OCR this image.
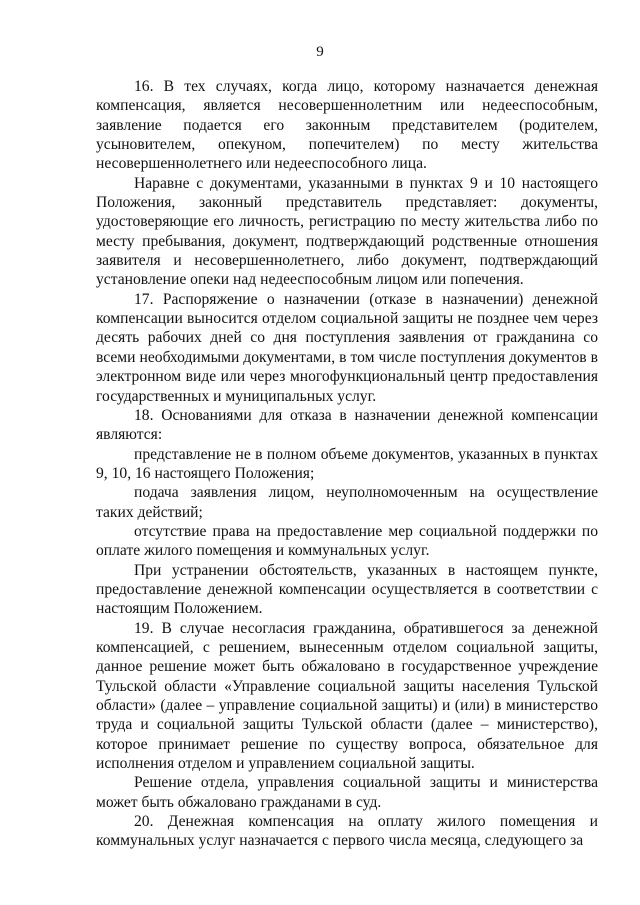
9

16. В тех случаях, когда лицо, которому назначается денежная компенсация, является несовершеннолетним или недееспособным, заявление подается его законным представителем (родителем, усыновителем, опекуном, попечителем) по месту жительства несовершеннолетнего или недееспособного лица.

Наравне с документами, указанными в пунктах 9 и 10 настоящего Положения, законный представитель представляет: документы, удостоверяющие его личность, регистрацию по месту жительства либо по месту пребывания, документ, подтверждающий родственные отношения заявителя и несовершеннолетнего, либо документ, подтверждающий установление опеки над недееспособным лицом или попечения.

17. Распоряжение о назначении (отказе в назначении) денежной компенсации выносится отделом социальной защиты не позднее чем через десять рабочих дней со дня поступления заявления от гражданина со всеми необходимыми документами, в том числе поступления документов в электронном виде или через многофункциональный центр предоставления государственных и муниципальных услуг.

18. Основаниями для отказа в назначении денежной компенсации являются:

представление не в полном объеме документов, указанных в пунктах 9, 10, 16 настоящего Положения;

подача заявления лицом, неуполномоченным на осуществление таких действий;

отсутствие права на предоставление мер социальной поддержки по оплате жилого помещения и коммунальных услуг.

При устранении обстоятельств, указанных в настоящем пункте, предоставление денежной компенсации осуществляется в соответствии с настоящим Положением.

19. В случае несогласия гражданина, обратившегося за денежной компенсацией, с решением, вынесенным отделом социальной защиты, данное решение может быть обжаловано в государственное учреждение Тульской области «Управление социальной защиты населения Тульской области» (далее – управление социальной защиты) и (или) в министерство труда и социальной защиты Тульской области (далее – министерство), которое принимает решение по существу вопроса, обязательное для исполнения отделом и управлением социальной защиты.

Решение отдела, управления социальной защиты и министерства может быть обжаловано гражданами в суд.

20. Денежная компенсация на оплату жилого помещения и коммунальных услуг назначается с первого числа месяца, следующего за
